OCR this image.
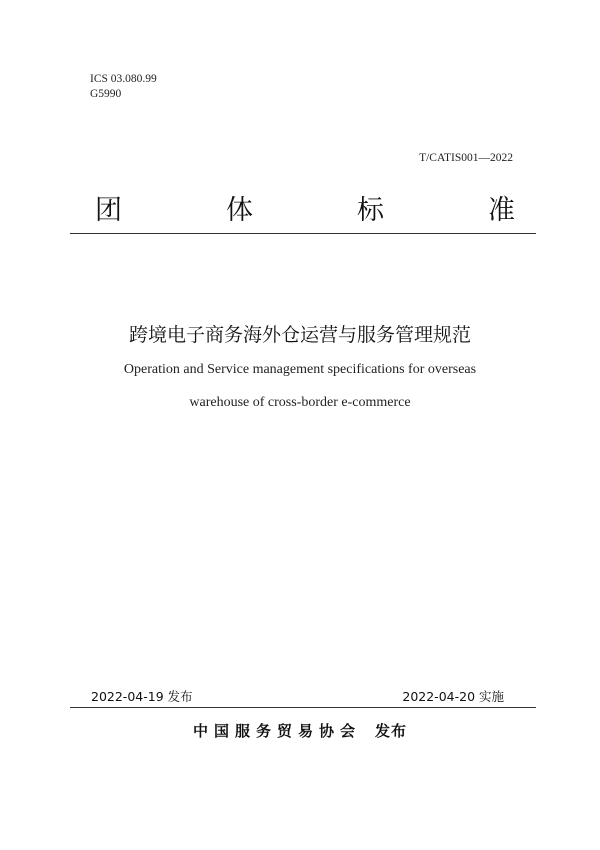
ICS 03.080.99
G5990
T/CATIS001—2022
团	体	标	准
跨境电子商务海外仓运营与服务管理规范
Operation and Service management specifications for overseas
warehouse of cross-border e-commerce
2022-04-19 发布	2022-04-20 实施
中国服务贸易协会 发布
